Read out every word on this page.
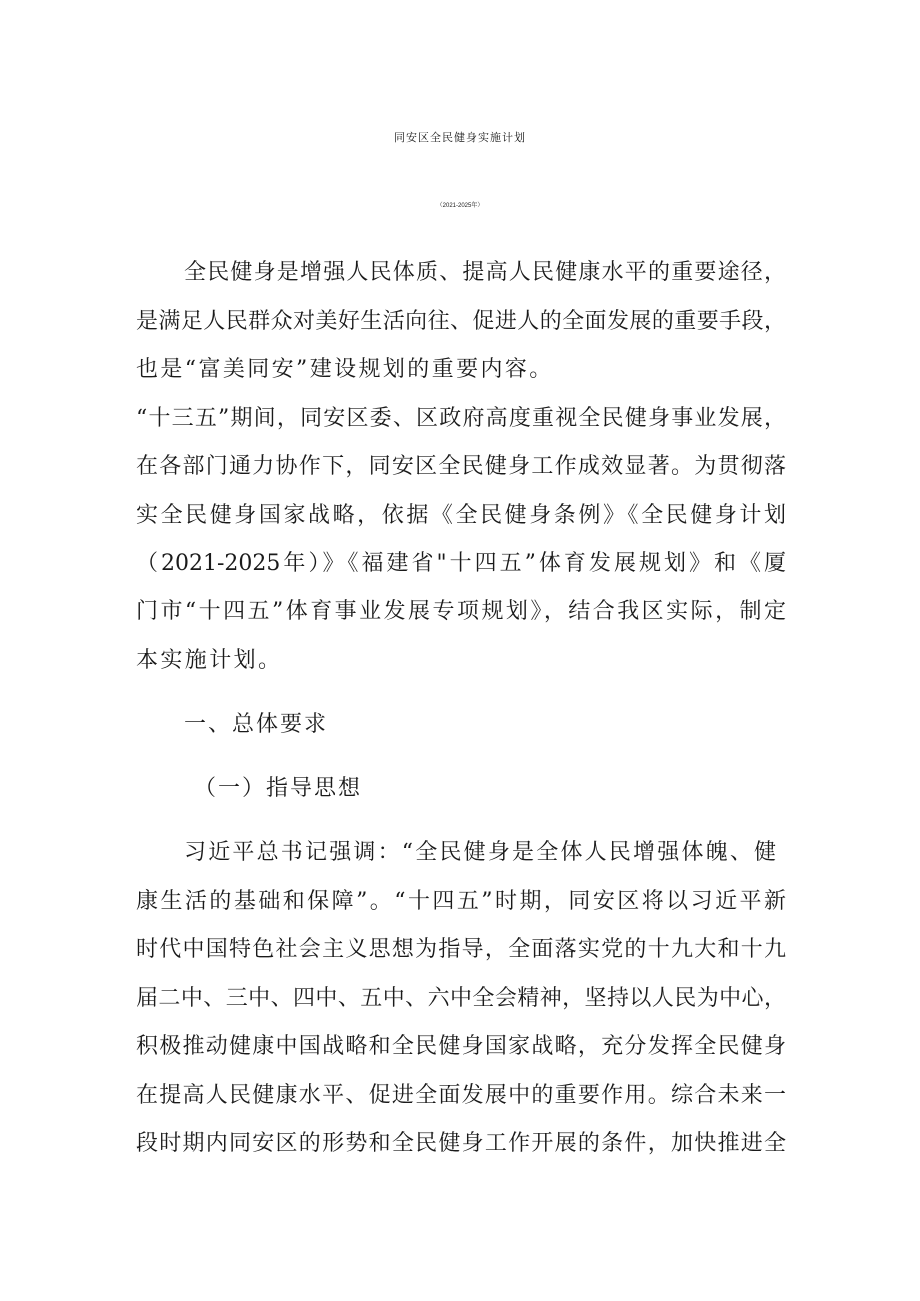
同安区全民健身实施计划
（2021-2025年）
全民健身是增强人民体质、提高人民健康水平的重要途径，
是满足人民群众对美好生活向往、促进人的全面发展的重要手段，
也是“富美同安”建设规划的重要内容。
“十三五”期间，同安区委、区政府高度重视全民健身事业发展，
在各部门通力协作下，同安区全民健身工作成效显著。为贯彻落
实全民健身国家战略，依据《全民健身条例》《全民健身计划
（2021-2025年）》《福建省"十四五”体育发展规划》和《厦
门市“十四五”体育事业发展专项规划》，结合我区实际，制定
本实施计划。
一、总体要求
（一）指导思想
习近平总书记强调：“全民健身是全体人民增强体魄、健
康生活的基础和保障”。“十四五”时期，同安区将以习近平新
时代中国特色社会主义思想为指导，全面落实党的十九大和十九
届二中、三中、四中、五中、六中全会精神，坚持以人民为中心，
积极推动健康中国战略和全民健身国家战略，充分发挥全民健身
在提高人民健康水平、促进全面发展中的重要作用。综合未来一
段时期内同安区的形势和全民健身工作开展的条件，加快推进全
